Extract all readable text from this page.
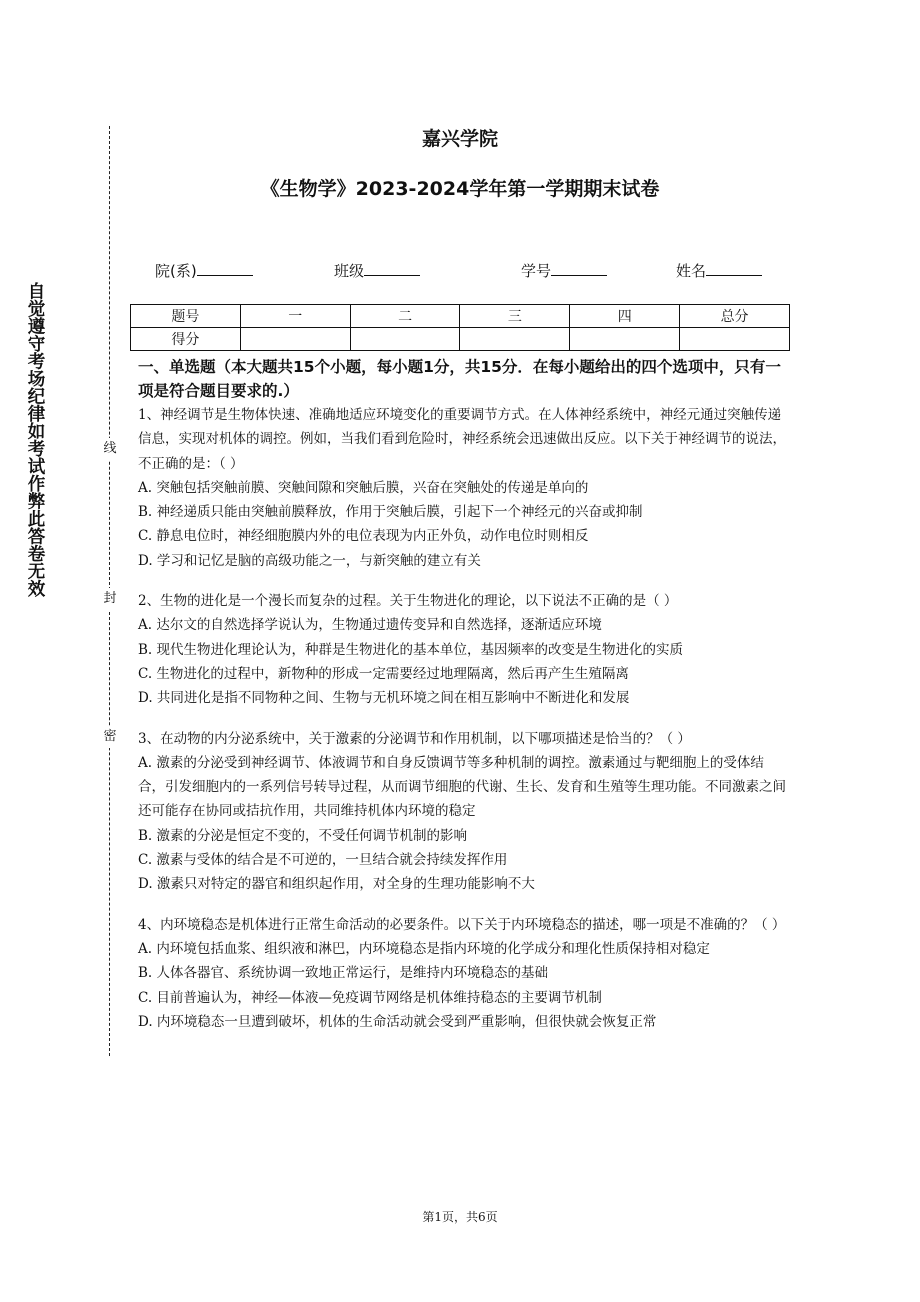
自觉遵守考场纪律如考试作弊此答卷无效	线
封
密
嘉兴学院
《生物学》2023-2024学年第一学期期末试卷
院(系)	班级	学号	姓名
题号	一	二	三	四	总分
得分					

一、单选题（本大题共15个小题，每小题1分，共15分．在每小题给出的四个选项中，只有一项是符合题目要求的.）

1、神经调节是生物体快速、准确地适应环境变化的重要调节方式。在人体神经系统中，神经元通过突触传递信息，实现对机体的调控。例如，当我们看到危险时，神经系统会迅速做出反应。以下关于神经调节的说法，不正确的是：（ ）

A. 突触包括突触前膜、突触间隙和突触后膜，兴奋在突触处的传递是单向的

B. 神经递质只能由突触前膜释放，作用于突触后膜，引起下一个神经元的兴奋或抑制

C. 静息电位时，神经细胞膜内外的电位表现为内正外负，动作电位时则相反

D. 学习和记忆是脑的高级功能之一，与新突触的建立有关

2、生物的进化是一个漫长而复杂的过程。关于生物进化的理论，以下说法不正确的是（ ）

A. 达尔文的自然选择学说认为，生物通过遗传变异和自然选择，逐渐适应环境

B. 现代生物进化理论认为，种群是生物进化的基本单位，基因频率的改变是生物进化的实质

C. 生物进化的过程中，新物种的形成一定需要经过地理隔离，然后再产生生殖隔离

D. 共同进化是指不同物种之间、生物与无机环境之间在相互影响中不断进化和发展

3、在动物的内分泌系统中，关于激素的分泌调节和作用机制，以下哪项描述是恰当的？（ ）

A. 激素的分泌受到神经调节、体液调节和自身反馈调节等多种机制的调控。激素通过与靶细胞上的受体结合，引发细胞内的一系列信号转导过程，从而调节细胞的代谢、生长、发育和生殖等生理功能。不同激素之间还可能存在协同或拮抗作用，共同维持机体内环境的稳定

B. 激素的分泌是恒定不变的，不受任何调节机制的影响

C. 激素与受体的结合是不可逆的，一旦结合就会持续发挥作用

D. 激素只对特定的器官和组织起作用，对全身的生理功能影响不大

4、内环境稳态是机体进行正常生命活动的必要条件。以下关于内环境稳态的描述，哪一项是不准确的？（ ）

A. 内环境包括血浆、组织液和淋巴，内环境稳态是指内环境的化学成分和理化性质保持相对稳定

B. 人体各器官、系统协调一致地正常运行，是维持内环境稳态的基础

C. 目前普遍认为，神经—体液—免疫调节网络是机体维持稳态的主要调节机制

D. 内环境稳态一旦遭到破坏，机体的生命活动就会受到严重影响，但很快就会恢复正常

第1页，共6页
